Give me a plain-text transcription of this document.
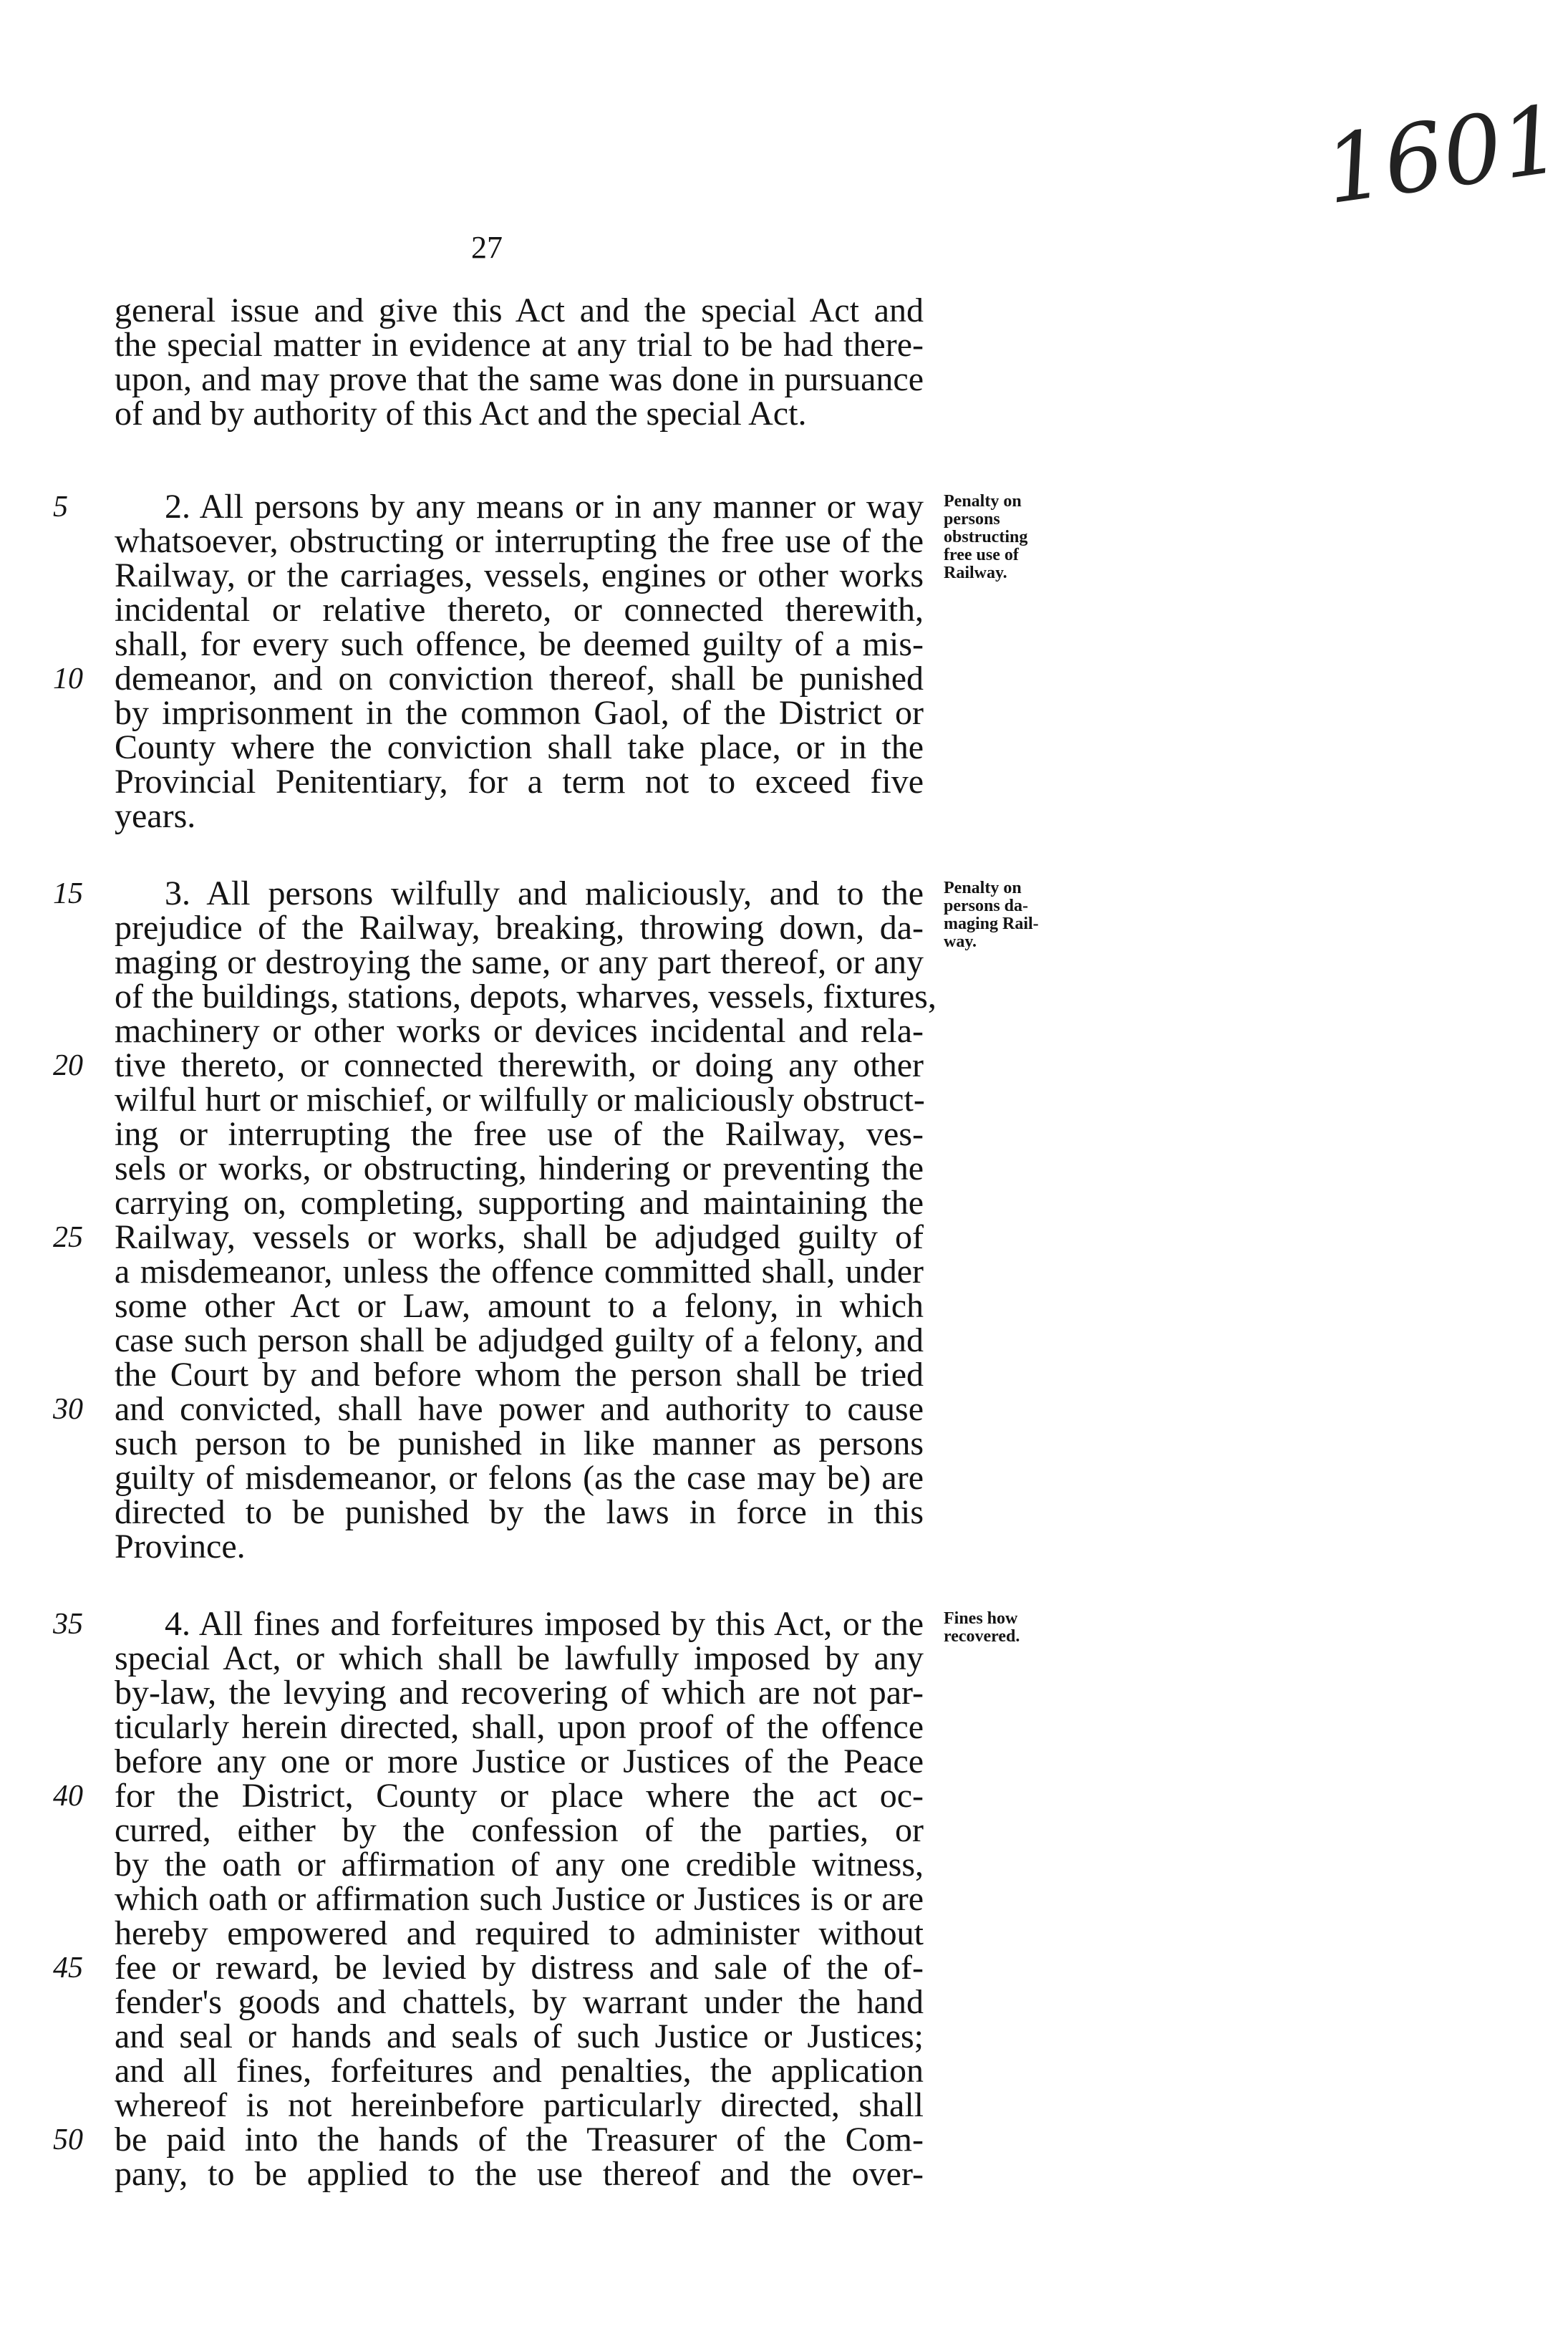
1601
27
general issue and give this Act and the special Act and
the special matter in evidence at any trial to be had there-
upon, and may prove that the same was done in pursuance
of and by authority of this Act and the special Act.
2. All persons by any means or in any manner or way
whatsoever, obstructing or interrupting the free use of the
Railway, or the carriages, vessels, engines or other works
incidental or relative thereto, or connected therewith,
shall, for every such offence, be deemed guilty of a mis-
demeanor, and on conviction thereof, shall be punished
by imprisonment in the common Gaol, of the District or
County where the conviction shall take place, or in the
Provincial Penitentiary, for a term not to exceed five
years.
3. All persons wilfully and maliciously, and to the
prejudice of the Railway, breaking, throwing down, da-
maging or destroying the same, or any part thereof, or any
of the buildings, stations, depots, wharves, vessels, fixtures,
machinery or other works or devices incidental and rela-
tive thereto, or connected therewith, or doing any other
wilful hurt or mischief, or wilfully or maliciously obstruct-
ing or interrupting the free use of the Railway, ves-
sels or works, or obstructing, hindering or preventing the
carrying on, completing, supporting and maintaining the
Railway, vessels or works, shall be adjudged guilty of
a misdemeanor, unless the offence committed shall, under
some other Act or Law, amount to a felony, in which
case such person shall be adjudged guilty of a felony, and
the Court by and before whom the person shall be tried
and convicted, shall have power and authority to cause
such person to be punished in like manner as persons
guilty of misdemeanor, or felons (as the case may be) are
directed to be punished by the laws in force in this
Province.
4. All fines and forfeitures imposed by this Act, or the
special Act, or which shall be lawfully imposed by any
by-law, the levying and recovering of which are not par-
ticularly herein directed, shall, upon proof of the offence
before any one or more Justice or Justices of the Peace
for the District, County or place where the act oc-
curred, either by the confession of the parties, or
by the oath or affirmation of any one credible witness,
which oath or affirmation such Justice or Justices is or are
hereby empowered and required to administer without
fee or reward, be levied by distress and sale of the of-
fender's goods and chattels, by warrant under the hand
and seal or hands and seals of such Justice or Justices;
and all fines, forfeitures and penalties, the application
whereof is not hereinbefore particularly directed, shall
be paid into the hands of the Treasurer of the Com-
pany, to be applied to the use thereof and the over-
5
10
15
20
25
30
35
40
45
50
Penalty on
persons
obstructing
free use of
Railway.
Penalty on
persons da-
maging Rail-
way.
Fines how
recovered.
